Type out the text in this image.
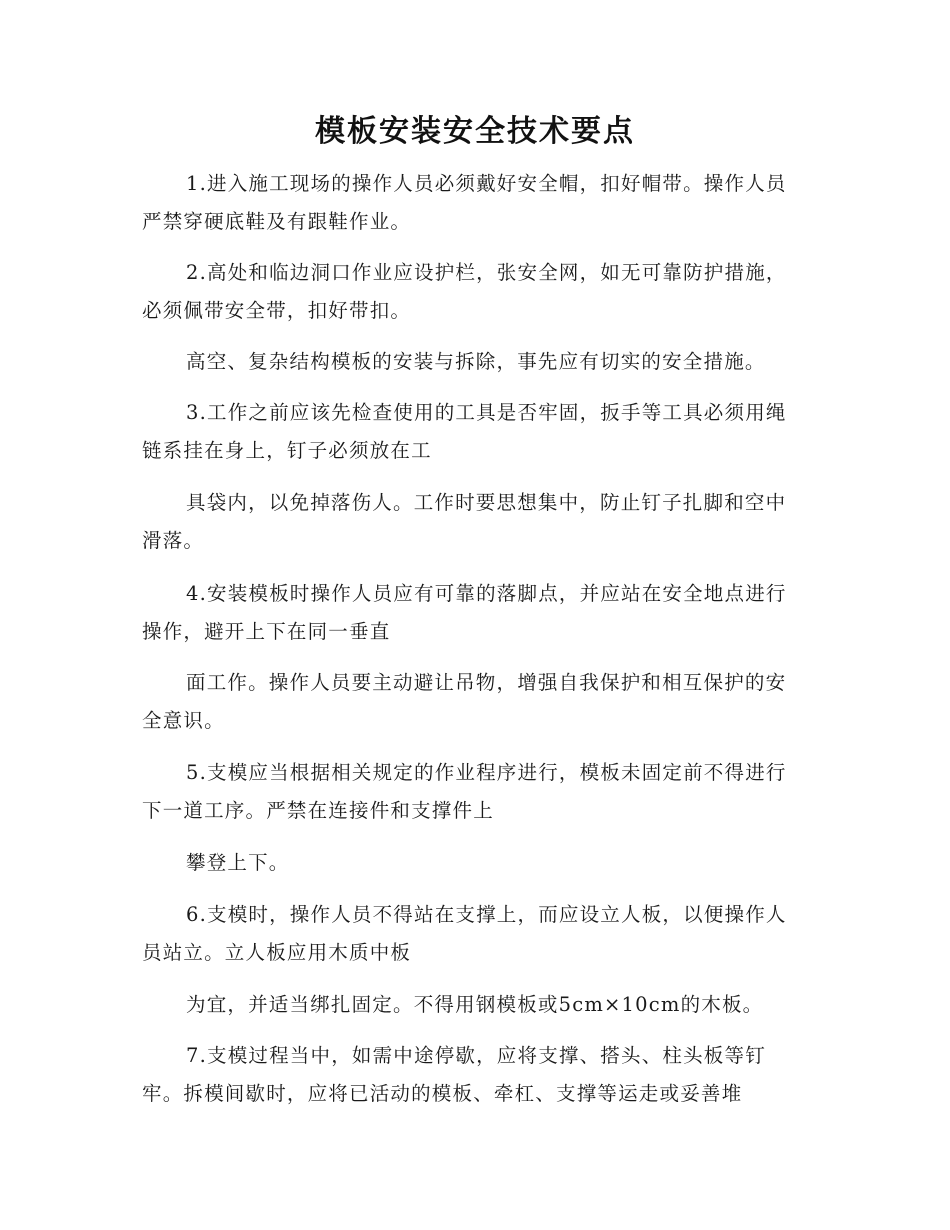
模板安装安全技术要点
1.进入施工现场的操作人员必须戴好安全帽，扣好帽带。操作人员严禁穿硬底鞋及有跟鞋作业。
2.高处和临边洞口作业应设护栏，张安全网，如无可靠防护措施，必须佩带安全带，扣好带扣。
高空、复杂结构模板的安装与拆除，事先应有切实的安全措施。
3.工作之前应该先检查使用的工具是否牢固，扳手等工具必须用绳链系挂在身上，钉子必须放在工
具袋内，以免掉落伤人。工作时要思想集中，防止钉子扎脚和空中滑落。
4.安装模板时操作人员应有可靠的落脚点，并应站在安全地点进行操作，避开上下在同一垂直
面工作。操作人员要主动避让吊物，增强自我保护和相互保护的安全意识。
5.支模应当根据相关规定的作业程序进行，模板未固定前不得进行下一道工序。严禁在连接件和支撑件上
攀登上下。
6.支模时，操作人员不得站在支撑上，而应设立人板，以便操作人员站立。立人板应用木质中板
为宜，并适当绑扎固定。不得用钢模板或5cm×10cm的木板。
7.支模过程当中，如需中途停歇，应将支撑、搭头、柱头板等钉牢。拆模间歇时，应将已活动的模板、牵杠、支撑等运走或妥善堆
